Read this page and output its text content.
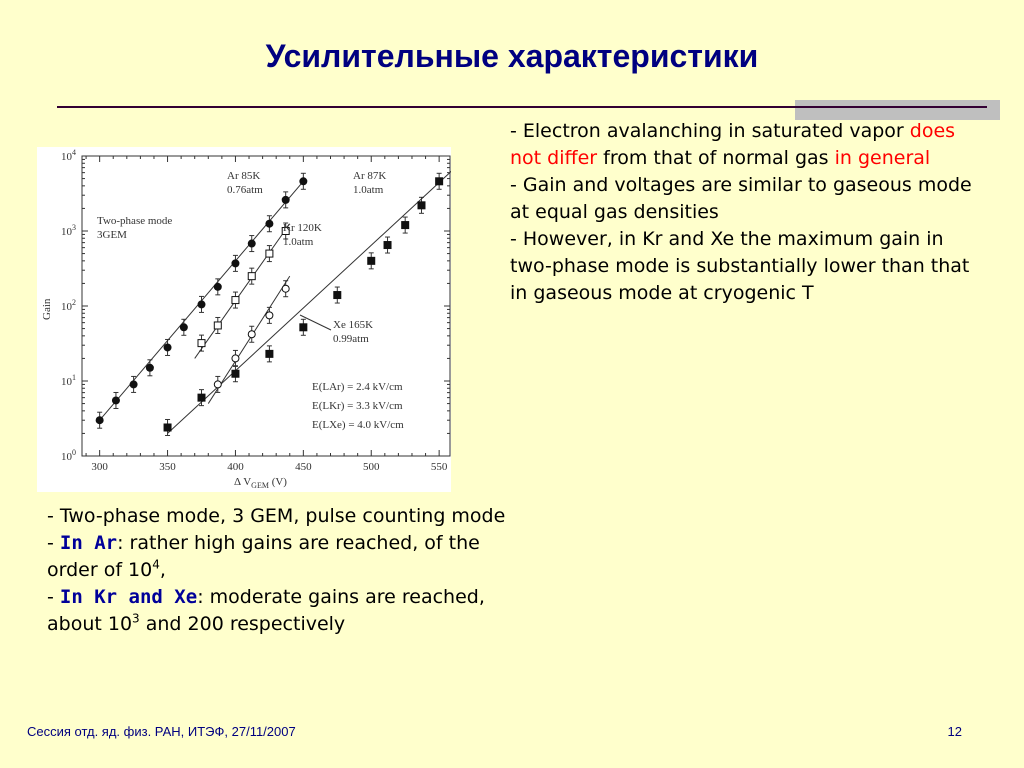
Усилительные характеристики
300	350	400	450	500	550
$10^0$
$10^1$
$10^2$
$10^3$
$10^4$
Two-phase mode
3GEM
Ar 85K
0.76atm
Ar 87K
1.0atm
Kr 120K
1.0atm
Xe 165K
0.99atm
E(LAr) = 2.4 kV/cm
E(LKr) = 3.3 kV/cm
E(LXe) = 4.0 kV/cm
Δ $V_{GEM}$ (V)
Gain
- Electron avalanching in saturated vapor does not differ from that of normal gas in general
- Gain and voltages are similar to gaseous mode at equal gas densities
- However, in Kr and Xe the maximum gain in two-phase mode is substantially lower than that in gaseous mode at cryogenic T
- Two-phase mode, 3 GEM, pulse counting mode
- In Ar: rather high gains are reached, of the order of $10^4$,
- In Kr and Xe: moderate gains are reached, about $10^3$ and 200 respectively
Сессия отд. яд. физ. РАН, ИТЭФ, 27/11/2007	12
